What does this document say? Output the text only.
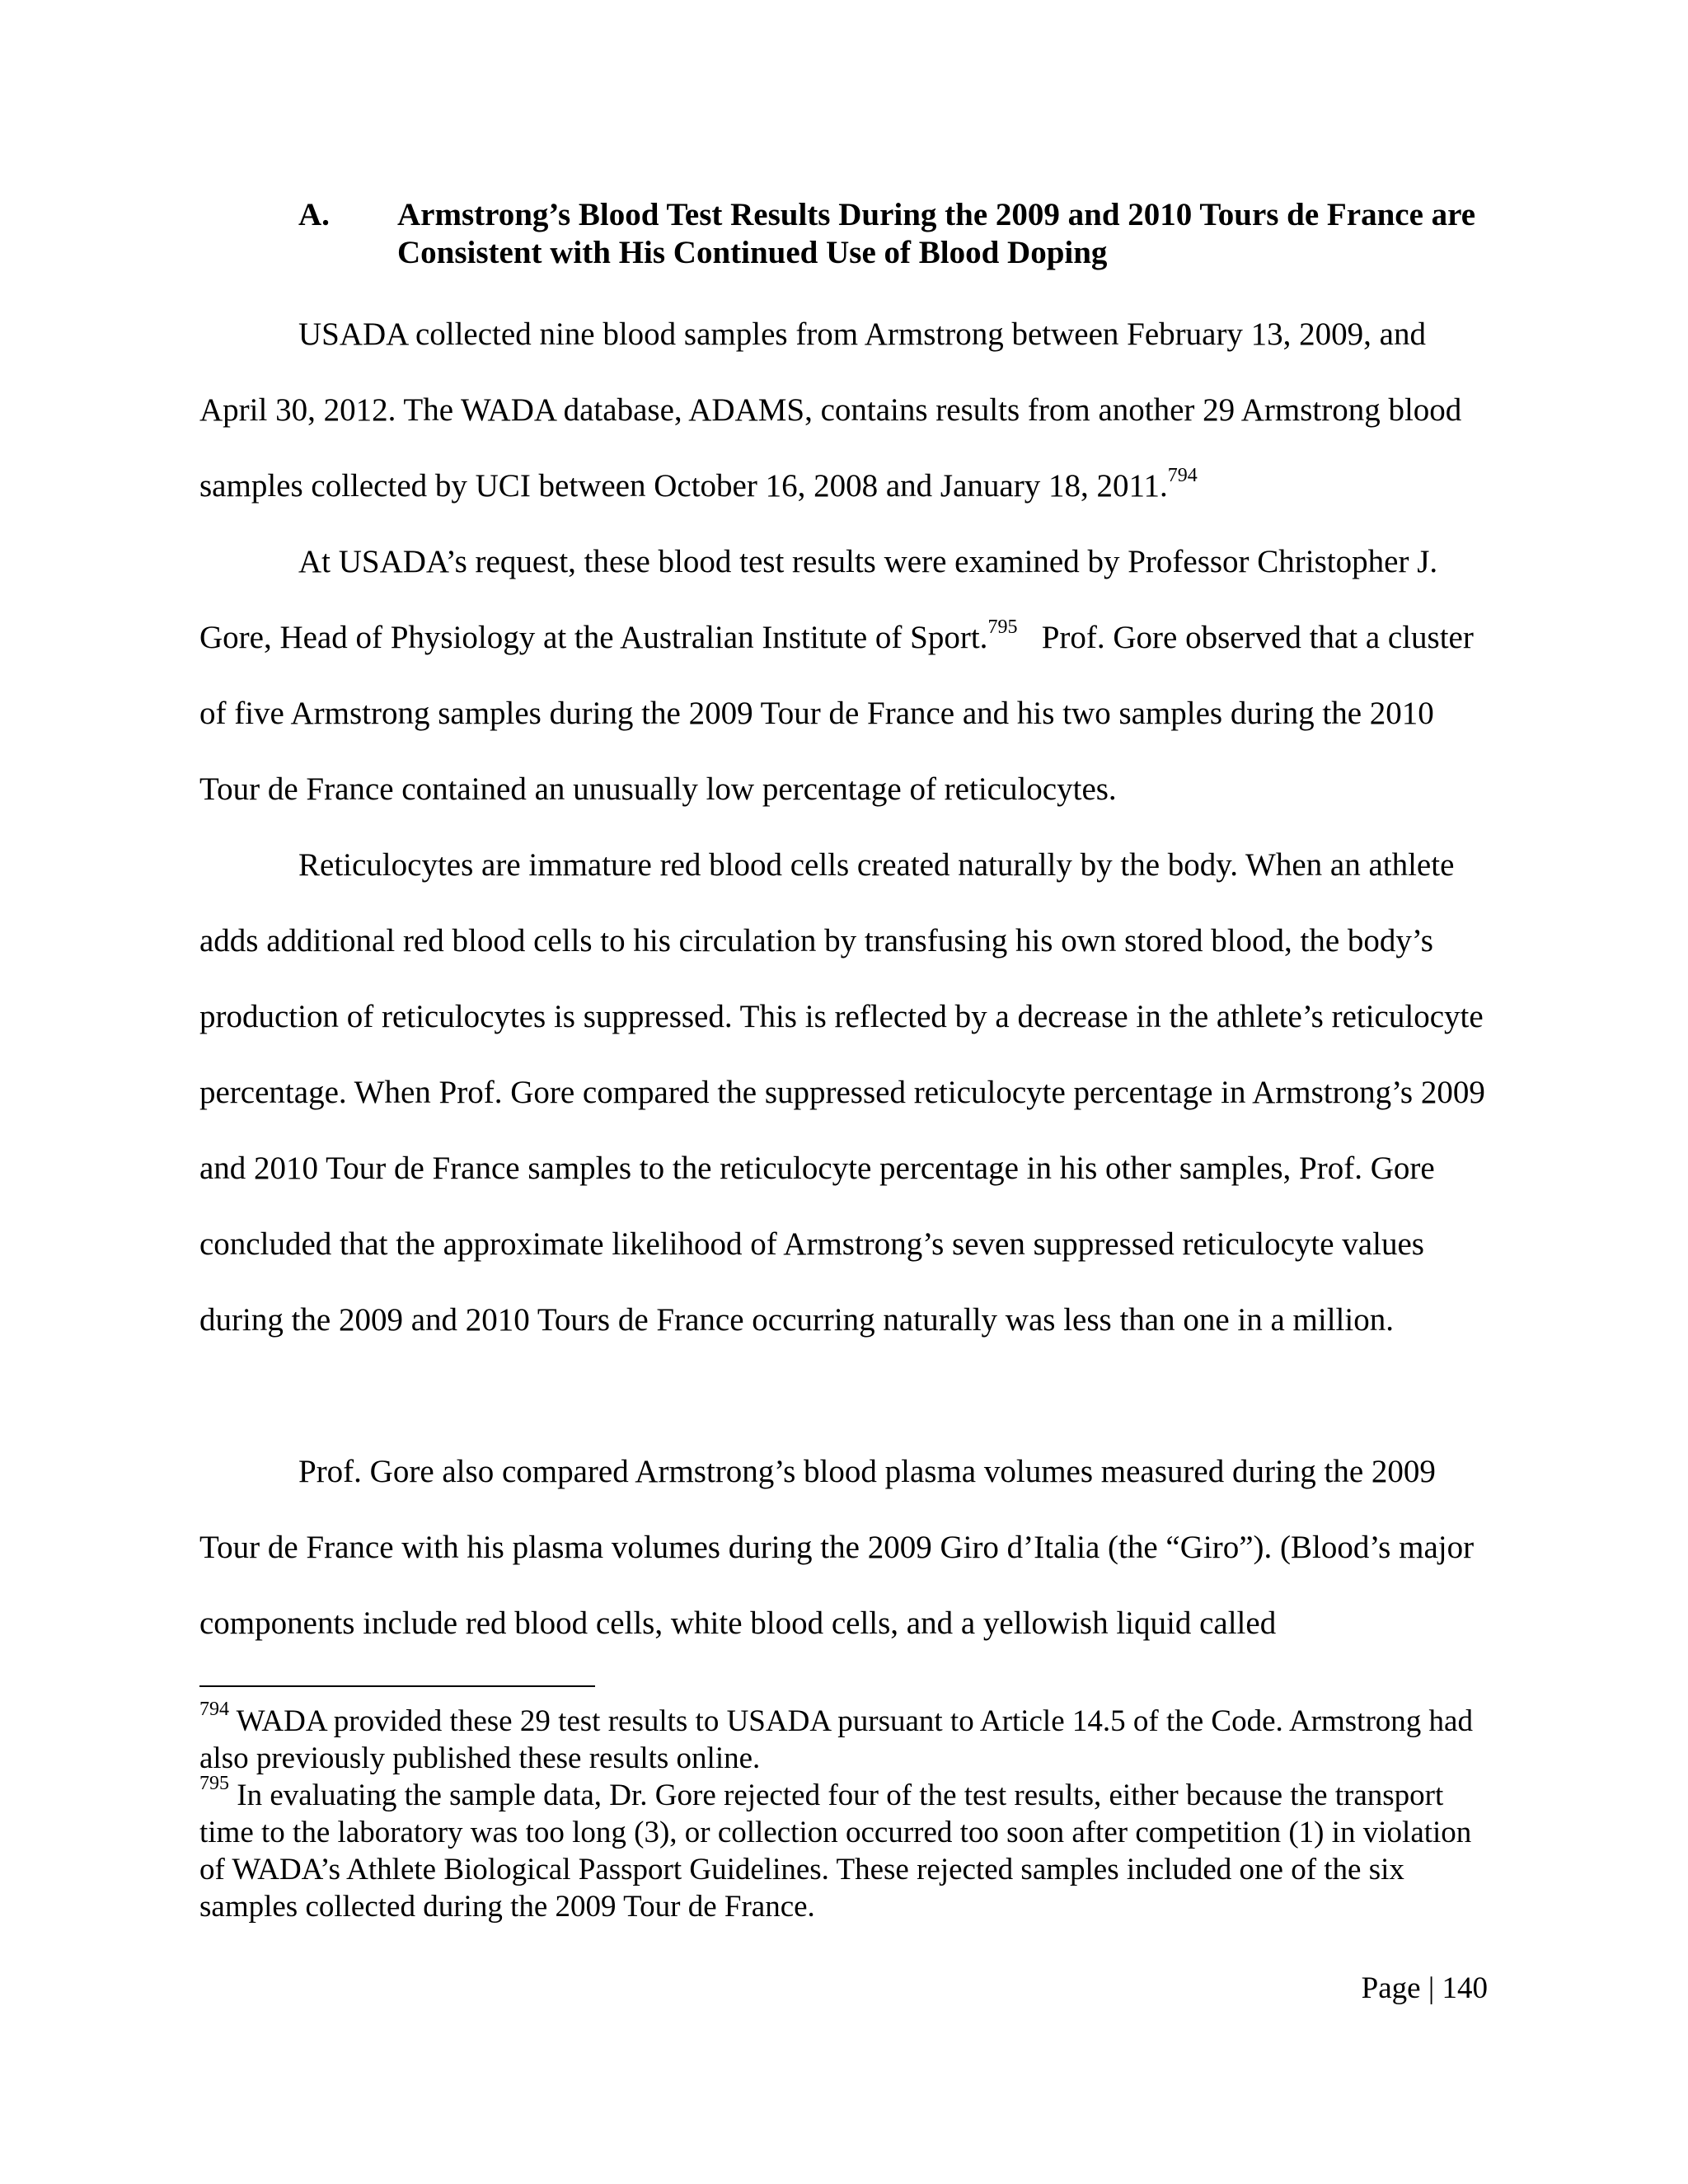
A. Armstrong’s Blood Test Results During the 2009 and 2010 Tours de France are Consistent with His Continued Use of Blood Doping

USADA collected nine blood samples from Armstrong between February 13, 2009, and April 30, 2012. The WADA database, ADAMS, contains results from another 29 Armstrong blood samples collected by UCI between October 16, 2008 and January 18, 2011.$^{794}$

At USADA’s request, these blood test results were examined by Professor Christopher J. Gore, Head of Physiology at the Australian Institute of Sport.$^{795}$   Prof. Gore observed that a cluster of five Armstrong samples during the 2009 Tour de France and his two samples during the 2010 Tour de France contained an unusually low percentage of reticulocytes.

Reticulocytes are immature red blood cells created naturally by the body. When an athlete adds additional red blood cells to his circulation by transfusing his own stored blood, the body’s production of reticulocytes is suppressed. This is reflected by a decrease in the athlete’s reticulocyte percentage. When Prof. Gore compared the suppressed reticulocyte percentage in Armstrong’s 2009 and 2010 Tour de France samples to the reticulocyte percentage in his other samples, Prof. Gore concluded that the approximate likelihood of Armstrong’s seven suppressed reticulocyte values during the 2009 and 2010 Tours de France occurring naturally was less than one in a million.

Prof. Gore also compared Armstrong’s blood plasma volumes measured during the 2009 Tour de France with his plasma volumes during the 2009 Giro d’Italia (the “Giro”). (Blood’s major components include red blood cells, white blood cells, and a yellowish liquid called

$^{794}$ WADA provided these 29 test results to USADA pursuant to Article 14.5 of the Code. Armstrong had also previously published these results online.

$^{795}$ In evaluating the sample data, Dr. Gore rejected four of the test results, either because the transport time to the laboratory was too long (3), or collection occurred too soon after competition (1) in violation of WADA’s Athlete Biological Passport Guidelines. These rejected samples included one of the six samples collected during the 2009 Tour de France.

Page | 140
